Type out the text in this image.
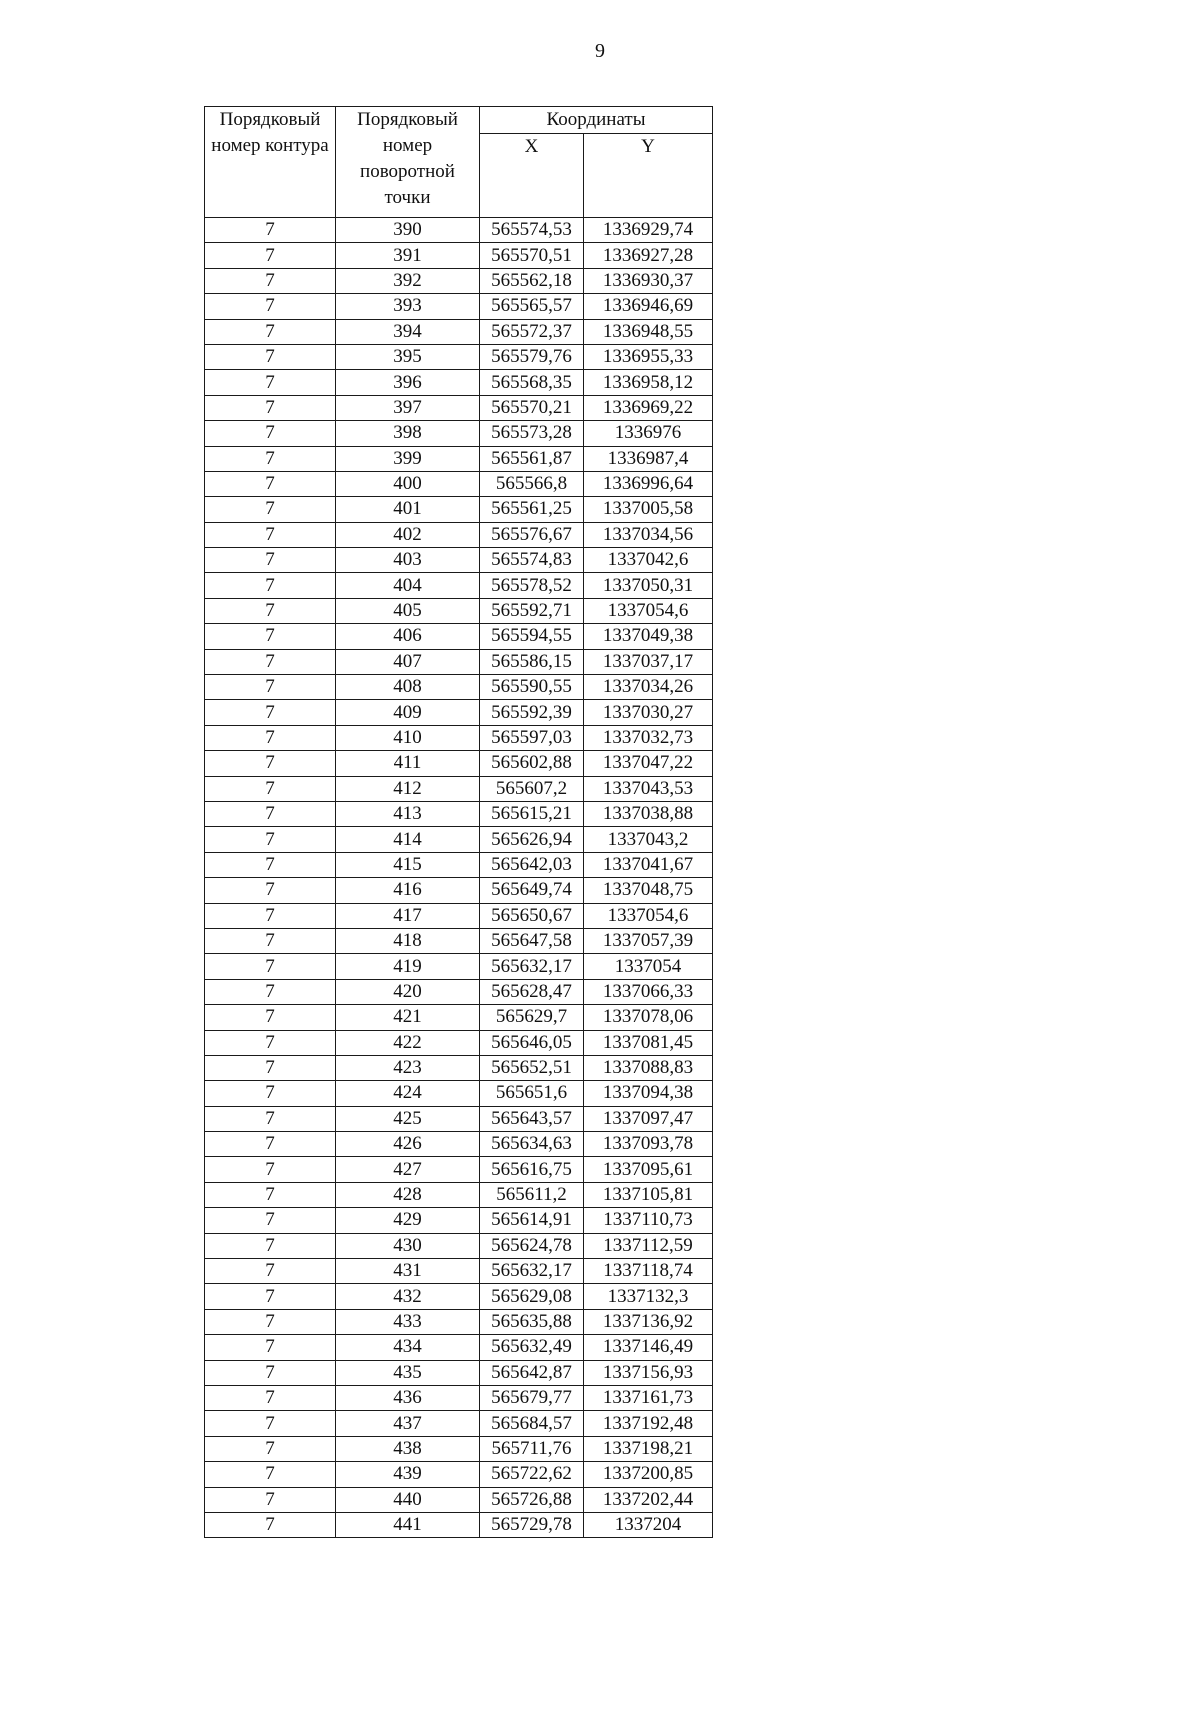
9
Порядковый номер контура	Порядковый номер поворотной точки	Координаты	
		X	Y
7	390	565574,53	1336929,74
7	391	565570,51	1336927,28
7	392	565562,18	1336930,37
7	393	565565,57	1336946,69
7	394	565572,37	1336948,55
7	395	565579,76	1336955,33
7	396	565568,35	1336958,12
7	397	565570,21	1336969,22
7	398	565573,28	1336976
7	399	565561,87	1336987,4
7	400	565566,8	1336996,64
7	401	565561,25	1337005,58
7	402	565576,67	1337034,56
7	403	565574,83	1337042,6
7	404	565578,52	1337050,31
7	405	565592,71	1337054,6
7	406	565594,55	1337049,38
7	407	565586,15	1337037,17
7	408	565590,55	1337034,26
7	409	565592,39	1337030,27
7	410	565597,03	1337032,73
7	411	565602,88	1337047,22
7	412	565607,2	1337043,53
7	413	565615,21	1337038,88
7	414	565626,94	1337043,2
7	415	565642,03	1337041,67
7	416	565649,74	1337048,75
7	417	565650,67	1337054,6
7	418	565647,58	1337057,39
7	419	565632,17	1337054
7	420	565628,47	1337066,33
7	421	565629,7	1337078,06
7	422	565646,05	1337081,45
7	423	565652,51	1337088,83
7	424	565651,6	1337094,38
7	425	565643,57	1337097,47
7	426	565634,63	1337093,78
7	427	565616,75	1337095,61
7	428	565611,2	1337105,81
7	429	565614,91	1337110,73
7	430	565624,78	1337112,59
7	431	565632,17	1337118,74
7	432	565629,08	1337132,3
7	433	565635,88	1337136,92
7	434	565632,49	1337146,49
7	435	565642,87	1337156,93
7	436	565679,77	1337161,73
7	437	565684,57	1337192,48
7	438	565711,76	1337198,21
7	439	565722,62	1337200,85
7	440	565726,88	1337202,44
7	441	565729,78	1337204
